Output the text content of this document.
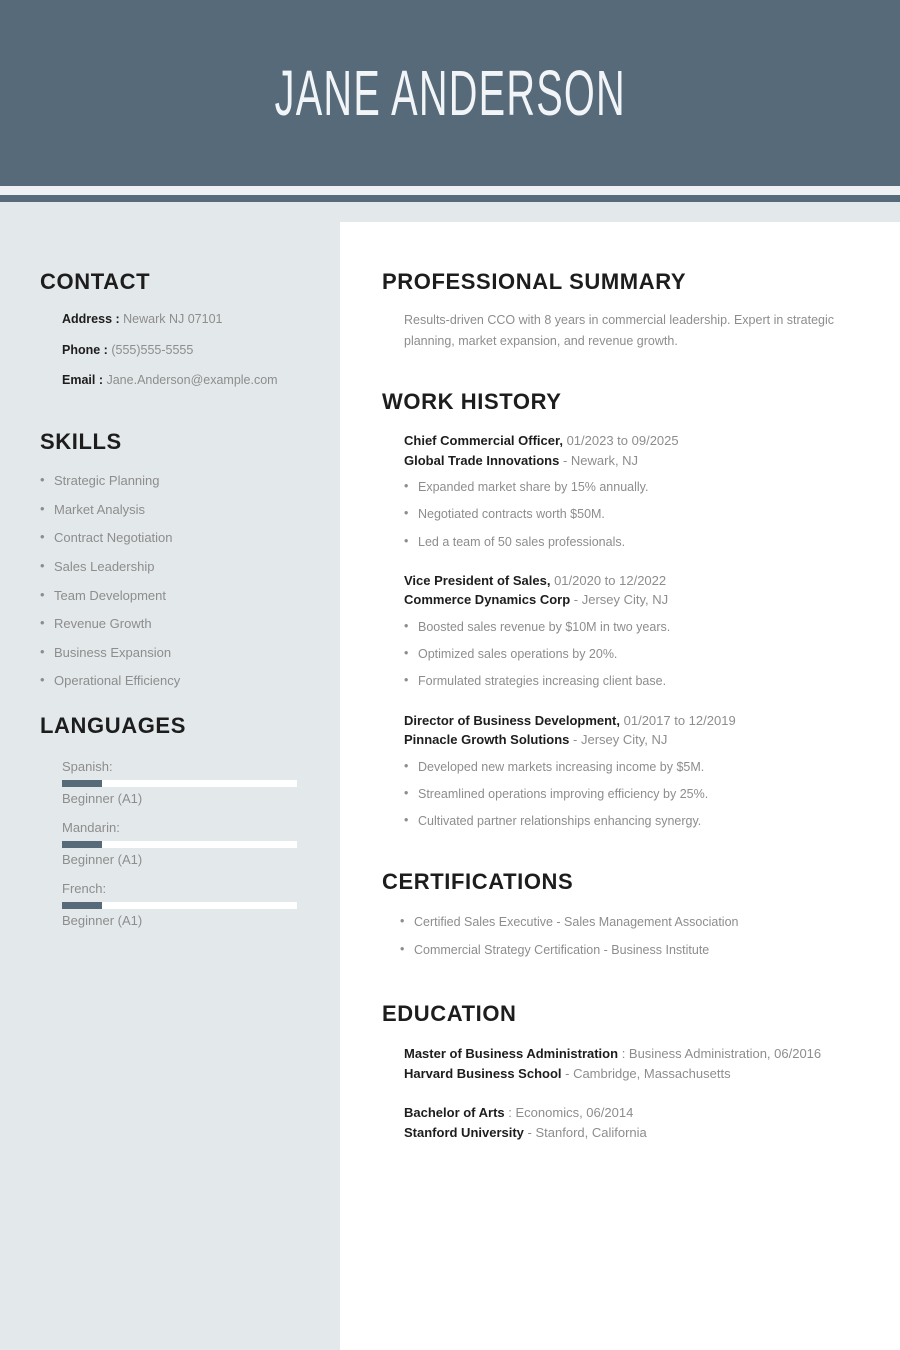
JANE ANDERSON
CONTACT

Address : Newark NJ 07101

Phone : (555)555-5555

Email : Jane.Anderson@example.com

SKILLS
• Strategic Planning
• Market Analysis
• Contract Negotiation
• Sales Leadership
• Team Development
• Revenue Growth
• Business Expansion
• Operational Efficiency
LANGUAGES

Spanish:

Beginner (A1)

Mandarin:

Beginner (A1)

French:

Beginner (A1)

PROFESSIONAL SUMMARY

Results-driven CCO with 8 years in commercial leadership. Expert in strategic planning, market expansion, and revenue growth.

WORK HISTORY

Chief Commercial Officer, 01/2023 to 09/2025

Global Trade Innovations - Newark, NJ

• Expanded market share by 15% annually.
• Negotiated contracts worth $50M.
• Led a team of 50 sales professionals.

Vice President of Sales, 01/2020 to 12/2022

Commerce Dynamics Corp - Jersey City, NJ

• Boosted sales revenue by $10M in two years.
• Optimized sales operations by 20%.
• Formulated strategies increasing client base.

Director of Business Development, 01/2017 to 12/2019

Pinnacle Growth Solutions - Jersey City, NJ

• Developed new markets increasing income by $5M.
• Streamlined operations improving efficiency by 25%.
• Cultivated partner relationships enhancing synergy.
CERTIFICATIONS
• Certified Sales Executive - Sales Management Association
• Commercial Strategy Certification - Business Institute
EDUCATION

Master of Business Administration : Business Administration, 06/2016

Harvard Business School - Cambridge, Massachusetts

Bachelor of Arts : Economics, 06/2014

Stanford University - Stanford, California
